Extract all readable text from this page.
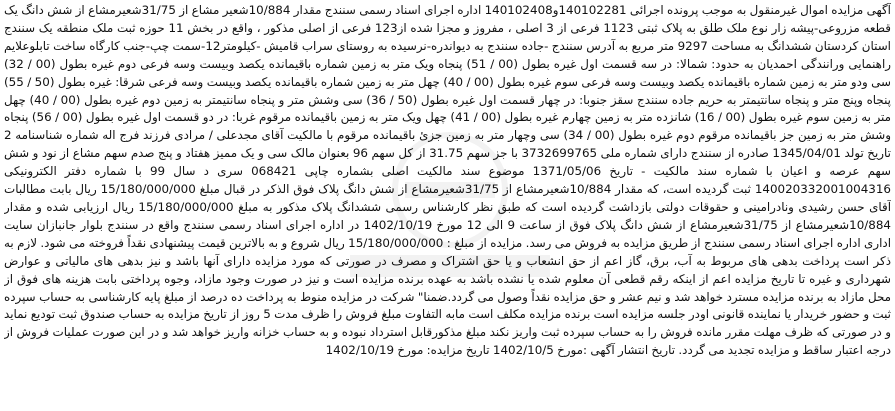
آگهی مزایده اموال غیرمنقول به موجب پرونده اجرائی 140102281و140102408 اداره اجرای اسناد رسمی سنندج مقدار 10/884شعیر مشاع از 31/75شعیرمشاع از شش دانگ یک قطعه مزروعی-پیشه زار نوع ملک طلق به پلاک ثبتی 1123 فرعی از 3 اصلی ، مفروز و مجزا شده از123 فرعی از اصلی مذکور ، واقع در بخش 11 حوزه ثبت ملک منطقه یک سنندج استان کردستان ششدانگ به مساحت 9297 متر مربع به آدرس سنندج -جاده سنندج به دیواندره-نرسیده به روستای سراب قامیش -کیلومتر12-سمت چپ-جنب کارگاه ساخت تابلوعلایم راهنمایی ورانندگی احمدیان به حدود: شمالا: در سه قسمت اول غیره بطول (00 / 51) پنجاه ویک متر به زمین شماره باقیمانده یکصد وبیست وسه فرعی دوم غیره بطول (00 / 32) سی ودو متر به زمین شماره باقیمانده یکصد وبیست وسه فرعی سوم غیره بطول (00 / 40) چهل متر به زمین شماره باقیمانده یکصد وبیست وسه فرعی شرقا: غیره بطول (50 / 55) پنجاه وپنج متر و پنجاه سانتیمتر به حریم جاده سنندج سقز جنوبا: در چهار قسمت اول غیره بطول (50 / 36) سی وشش متر و پنجاه سانتیمتر به زمین دوم غیره بطول (00 / 40) چهل متر به زمین سوم غیره بطول (00 / 16) شانزده متر به زمین چهارم غیره بطول (00 / 41) چهل ویک متر به زمین باقیمانده مرقوم غربا: در دو قسمت اول غیره بطول (00 / 56) پنجاه وشش متر به زمین جز باقیمانده مرقوم دوم غیره بطول (00 / 34) سی وچهار متر به زمین جزئ باقیمانده مرقوم با مالکیت آقای مجدعلی / مرادی فرزند فرج اله شماره شناسنامه 2 تاریخ تولد 1345/04/01 صادره از سنندج دارای شماره ملی 3732699765 با جز سهم 31.75 از کل سهم 96 بعنوان مالک سی و یک ممیز هفتاد و پنج صدم سهم مشاع از نود و شش سهم عرصه و اعیان با شماره سند مالکیت - تاریخ 1371/05/06 موضوع سند مالکیت اصلی بشماره چاپی 068421 سری د سال 99 با شماره دفتر الکترونیکی 140020332001004316 ثبت گردیده است، که مقدار 10/884شعیرمشاع از 31/75شعیرمشاع از شش دانگ پلاک فوق الذکر در قبال مبلغ 15/180/000/000 ریال بابت مطالبات آقای حسن رشیدی ونادرامینی و حقوقات دولتی بازداشت گردیده است که طبق نظر کارشناس رسمی ششدانگ پلاک مذکور به مبلغ 15/180/000/000 ریال ارزیابی شده و مقدار 10/884شعیرمشاع از 31/75شعیرمشاع از شش دانگ پلاک فوق از ساعت 9 الی 12 مورخ 1402/10/19 در اداره اجرای اسناد رسمی سنندج واقع در سنندج بلوار جانبازان سایت اداری اداره اجرای اسناد رسمی سنندج از طریق مزایده به فروش می رسد. مزایده از مبلغ : 15/180/000/000 ریال شروع و به بالاترین قیمت پیشنهادی نقداً فروخته می شود. لازم به ذکر است پرداخت بدهی های مربوط به آب، برق، گاز اعم از حق انشعاب و یا حق اشتراک و مصرف در صورتی که مورد مزایده دارای آنها باشد و نیز بدهی های مالیاتی و عوارض شهرداری و غیره تا تاریخ مزایده اعم از اینکه رقم قطعی آن معلوم شده یا نشده باشد به عهده برنده مزایده است و نیز در صورت وجود مازاد، وجوه پرداختی بابت هزینه های فوق از محل مازاد به برنده مزایده مسترد خواهد شد و نیم عشر و حق مزایده نقداً وصول می گردد.ضمنا" شرکت در مزایده منوط به پرداخت ده درصد از مبلغ پایه کارشناسی به حساب سپرده ثبت و حضور خریدار یا نماینده قانونی اودر جلسه مزایده است برنده مزایده مکلف است مابه التفاوت مبلغ فروش را ظرف مدت 5 روز از تاریخ مزایده به حساب صندوق ثبت تودیع نماید و در صورتی که ظرف مهلت مقرر مانده فروش را به حساب سپرده ثبت واریز نکند مبلغ مذکورقابل استرداد نبوده و به حساب خزانه واریز خواهد شد و در این صورت عملیات فروش از درجه اعتبار ساقط و مزایده تجدید می گردد. تاریخ انتشار آگهی :مورخ 1402/10/5 تاریخ مزایده: مورخ 1402/10/19
